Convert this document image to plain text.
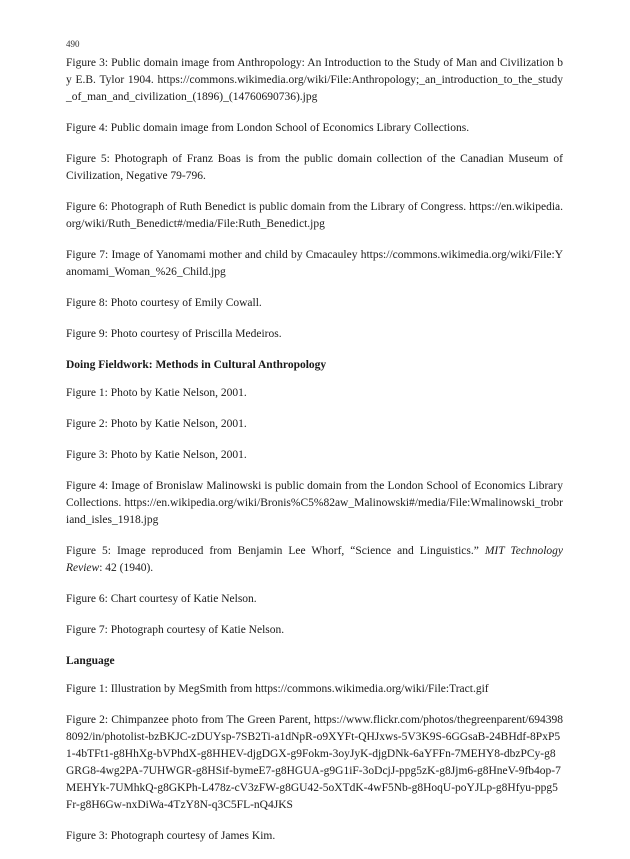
490

Figure 3: Public domain image from Anthropology: An Introduction to the Study of Man and Civilization by E.B. Tylor 1904. https://commons.wikimedia.org/wiki/File:Anthropology;_an_introduction_to_the_study_of_man_and_civilization_(1896)_(14760690736).jpg

Figure 4: Public domain image from London School of Economics Library Collections.

Figure 5: Photograph of Franz Boas is from the public domain collection of the Canadian Museum of Civilization, Negative 79-796.

Figure 6: Photograph of Ruth Benedict is public domain from the Library of Congress. https://en.wikipedia.org/wiki/Ruth_Benedict#/media/File:Ruth_Benedict.jpg

Figure 7: Image of Yanomami mother and child by Cmacauley https://commons.wikimedia.org/wiki/File:Yanomami_Woman_%26_Child.jpg

Figure 8: Photo courtesy of Emily Cowall.

Figure 9: Photo courtesy of Priscilla Medeiros.

Doing Fieldwork: Methods in Cultural Anthropology

Figure 1: Photo by Katie Nelson, 2001.

Figure 2: Photo by Katie Nelson, 2001.

Figure 3: Photo by Katie Nelson, 2001.

Figure 4: Image of Bronislaw Malinowski is public domain from the London School of Economics Library Collections. https://en.wikipedia.org/wiki/Bronis%C5%82aw_Malinowski#/media/File:Wmalinowski_trobriand_isles_1918.jpg

Figure 5: Image reproduced from Benjamin Lee Whorf, “Science and Linguistics.” MIT Technology Review: 42 (1940).

Figure 6: Chart courtesy of Katie Nelson.

Figure 7: Photograph courtesy of Katie Nelson.

Language

Figure 1: Illustration by MegSmith from https://commons.wikimedia.org/wiki/File:Tract.gif

Figure 2: Chimpanzee photo from The Green Parent, https://www.flickr.com/photos/thegreenparent/6943988092/in/photolist-bzBKJC-zDUYsp-7SB2Ti-a1dNpR-o9XYFt-QHJxws-5V3K9S-6GGsaB-24BHdf-8PxP51-4bTFt1-g8HhXg-bVPhdX-g8HHEV-djgDGX-g9Fokm-3oyJyK-djgDNk-6aYFFn-7MEHY8-dbzPCy-g8GRG8-4wg2PA-7UHWGR-g8HSif-bymeE7-g8HGUA-g9G1iF-3oDcjJ-ppg5zK-g8Jjm6-g8HneV-9fb4op-7MEHYk-7UMhkQ-g8GKPh-L478z-cV3zFW-g8GU42-5oXTdK-4wF5Nb-g8HoqU-poYJLp-g8Hfyu-ppg5Fr-g8H6Gw-nxDiWa-4TzY8N-q3C5FL-nQ4JKS

Figure 3: Photograph courtesy of James Kim.
